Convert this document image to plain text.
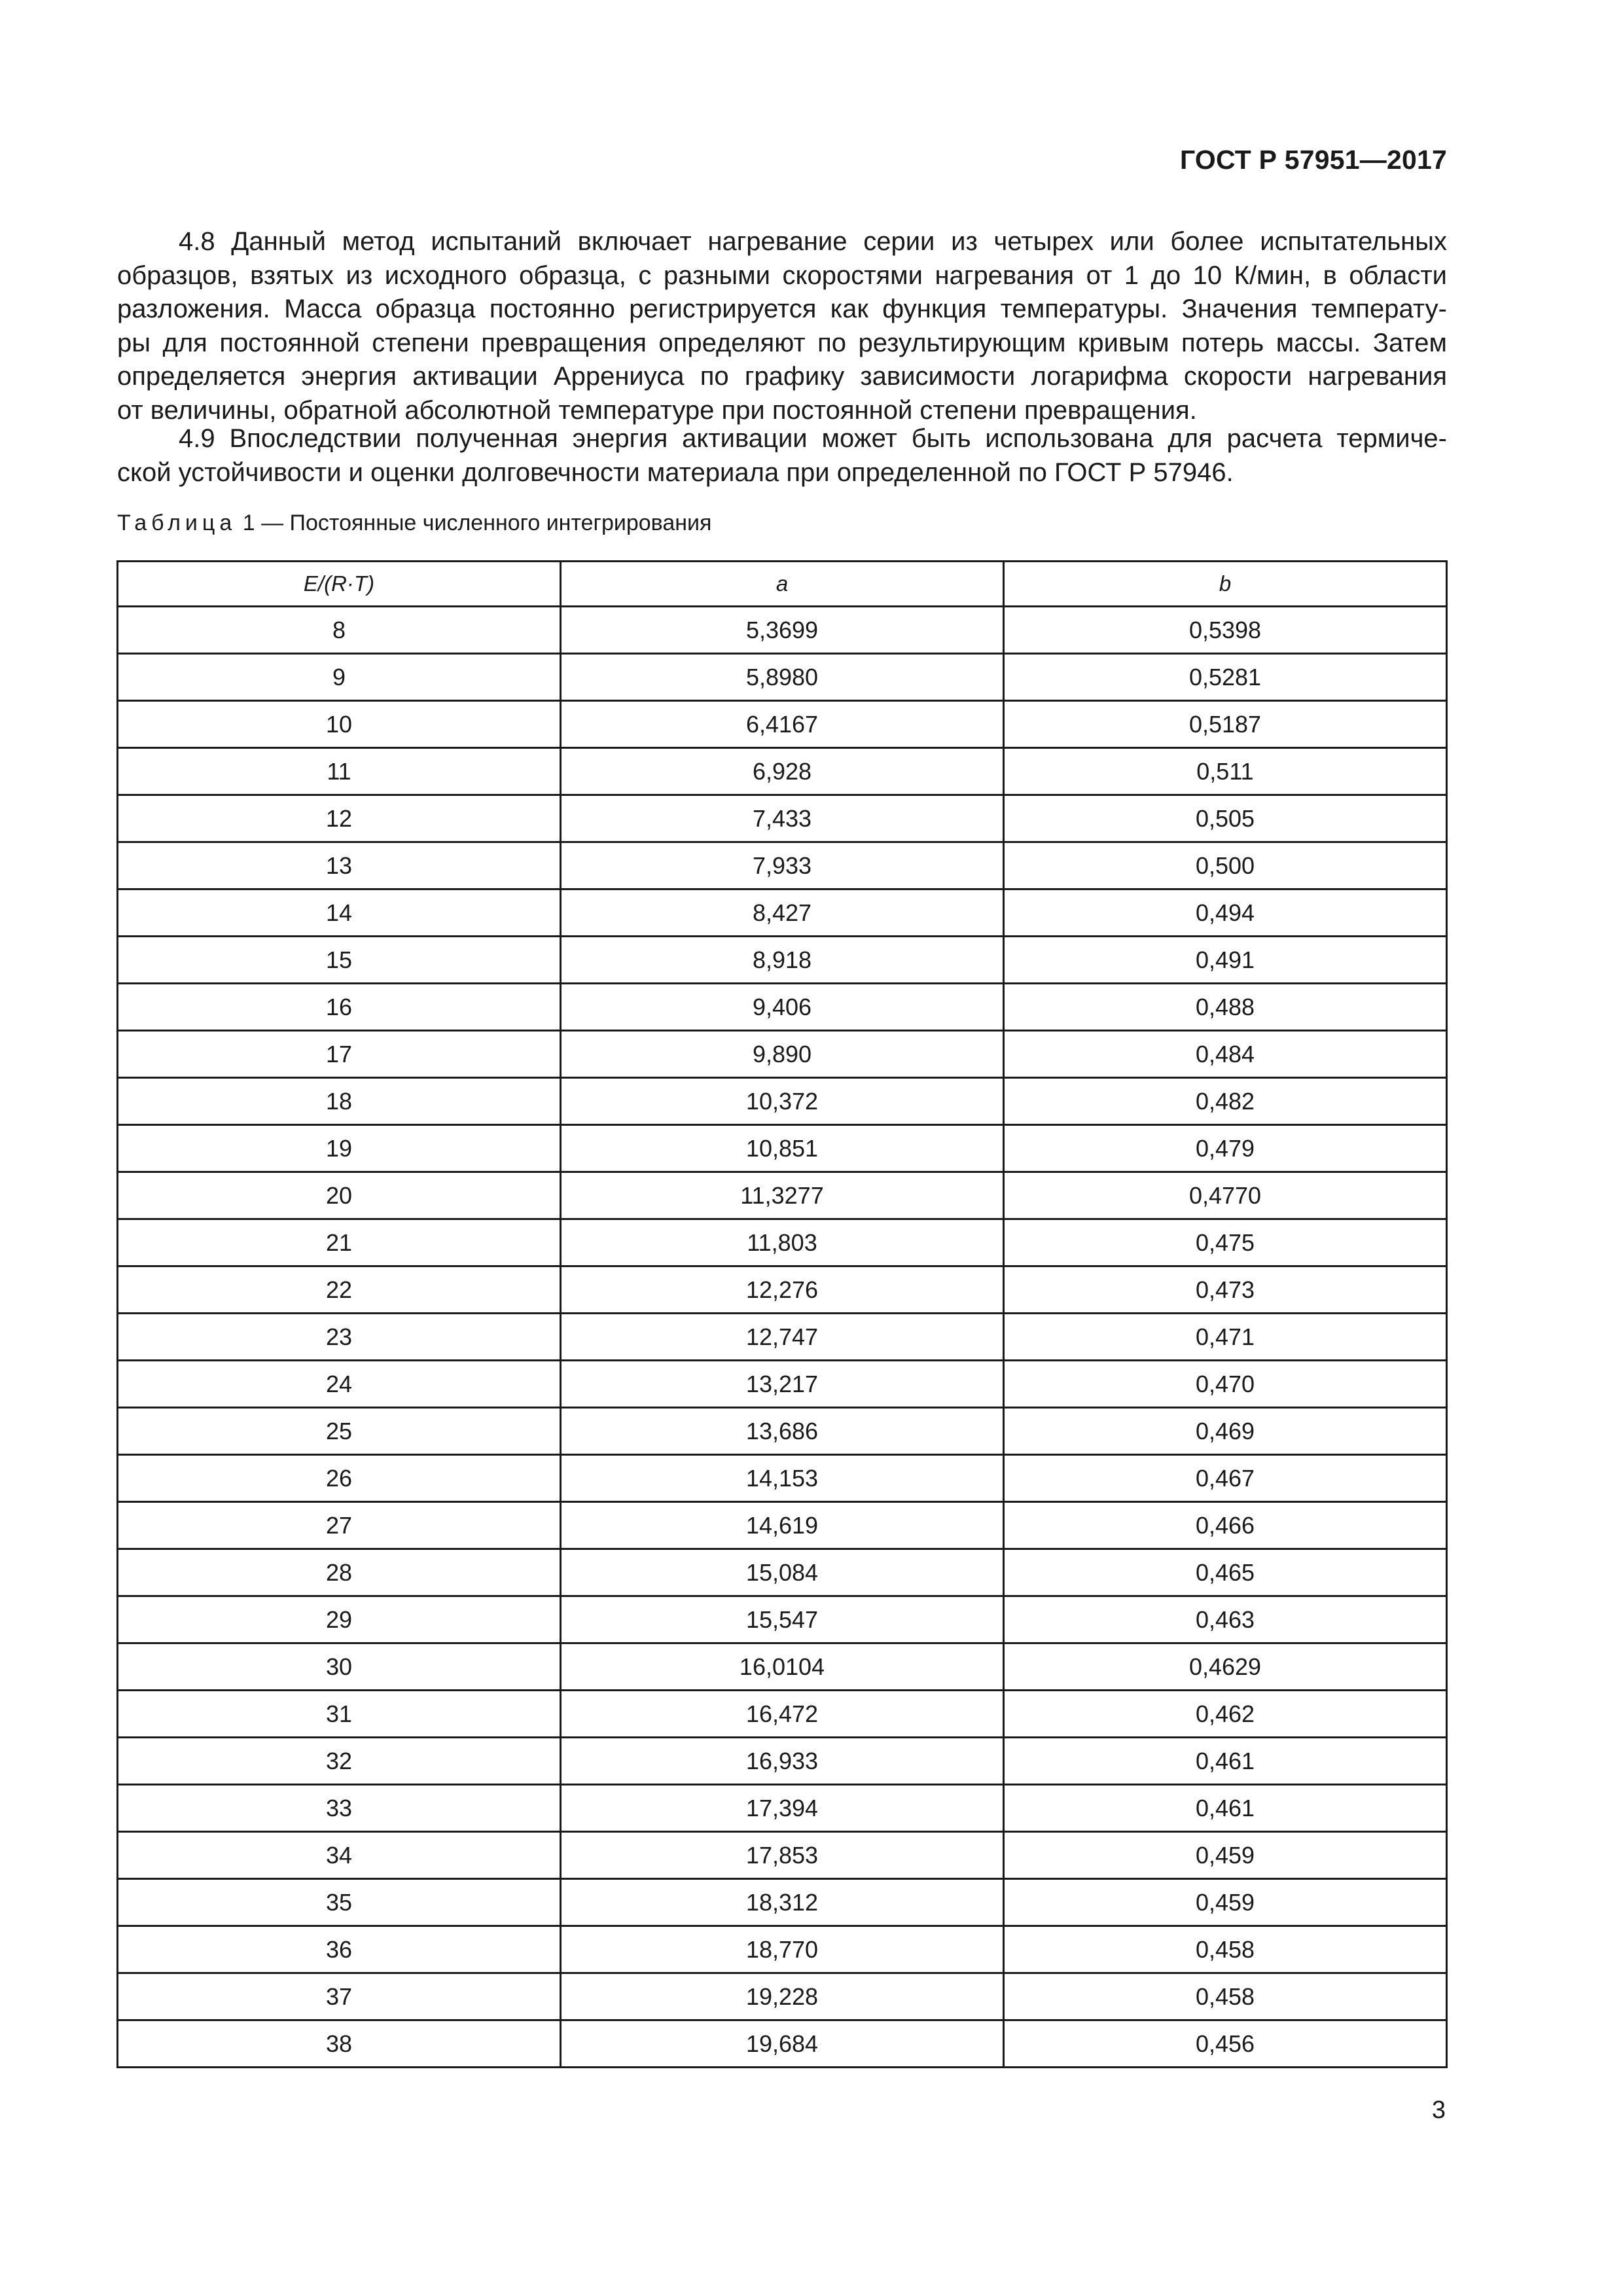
ГОСТ Р 57951—2017
4.8 Данный метод испытаний включает нагревание серии из четырех или более испытательных
образцов, взятых из исходного образца, с разными скоростями нагревания от 1 до 10 К/мин, в области
разложения. Масса образца постоянно регистрируется как функция температуры. Значения температу-
ры для постоянной степени превращения определяют по результирующим кривым потерь массы. Затем
определяется энергия активации Аррениуса по графику зависимости логарифма скорости нагревания
от величины, обратной абсолютной температуре при постоянной степени превращения.
4.9 Впоследствии полученная энергия активации может быть использована для расчета термиче-
ской устойчивости и оценки долговечности материала при определенной по ГОСТ Р 57946.
Таблица 1 — Постоянные численного интегрирования
E/(R·T)	a	b
8	5,3699	0,5398
9	5,8980	0,5281
10	6,4167	0,5187
11	6,928	0,511
12	7,433	0,505
13	7,933	0,500
14	8,427	0,494
15	8,918	0,491
16	9,406	0,488
17	9,890	0,484
18	10,372	0,482
19	10,851	0,479
20	11,3277	0,4770
21	11,803	0,475
22	12,276	0,473
23	12,747	0,471
24	13,217	0,470
25	13,686	0,469
26	14,153	0,467
27	14,619	0,466
28	15,084	0,465
29	15,547	0,463
30	16,0104	0,4629
31	16,472	0,462
32	16,933	0,461
33	17,394	0,461
34	17,853	0,459
35	18,312	0,459
36	18,770	0,458
37	19,228	0,458
38	19,684	0,456
3
